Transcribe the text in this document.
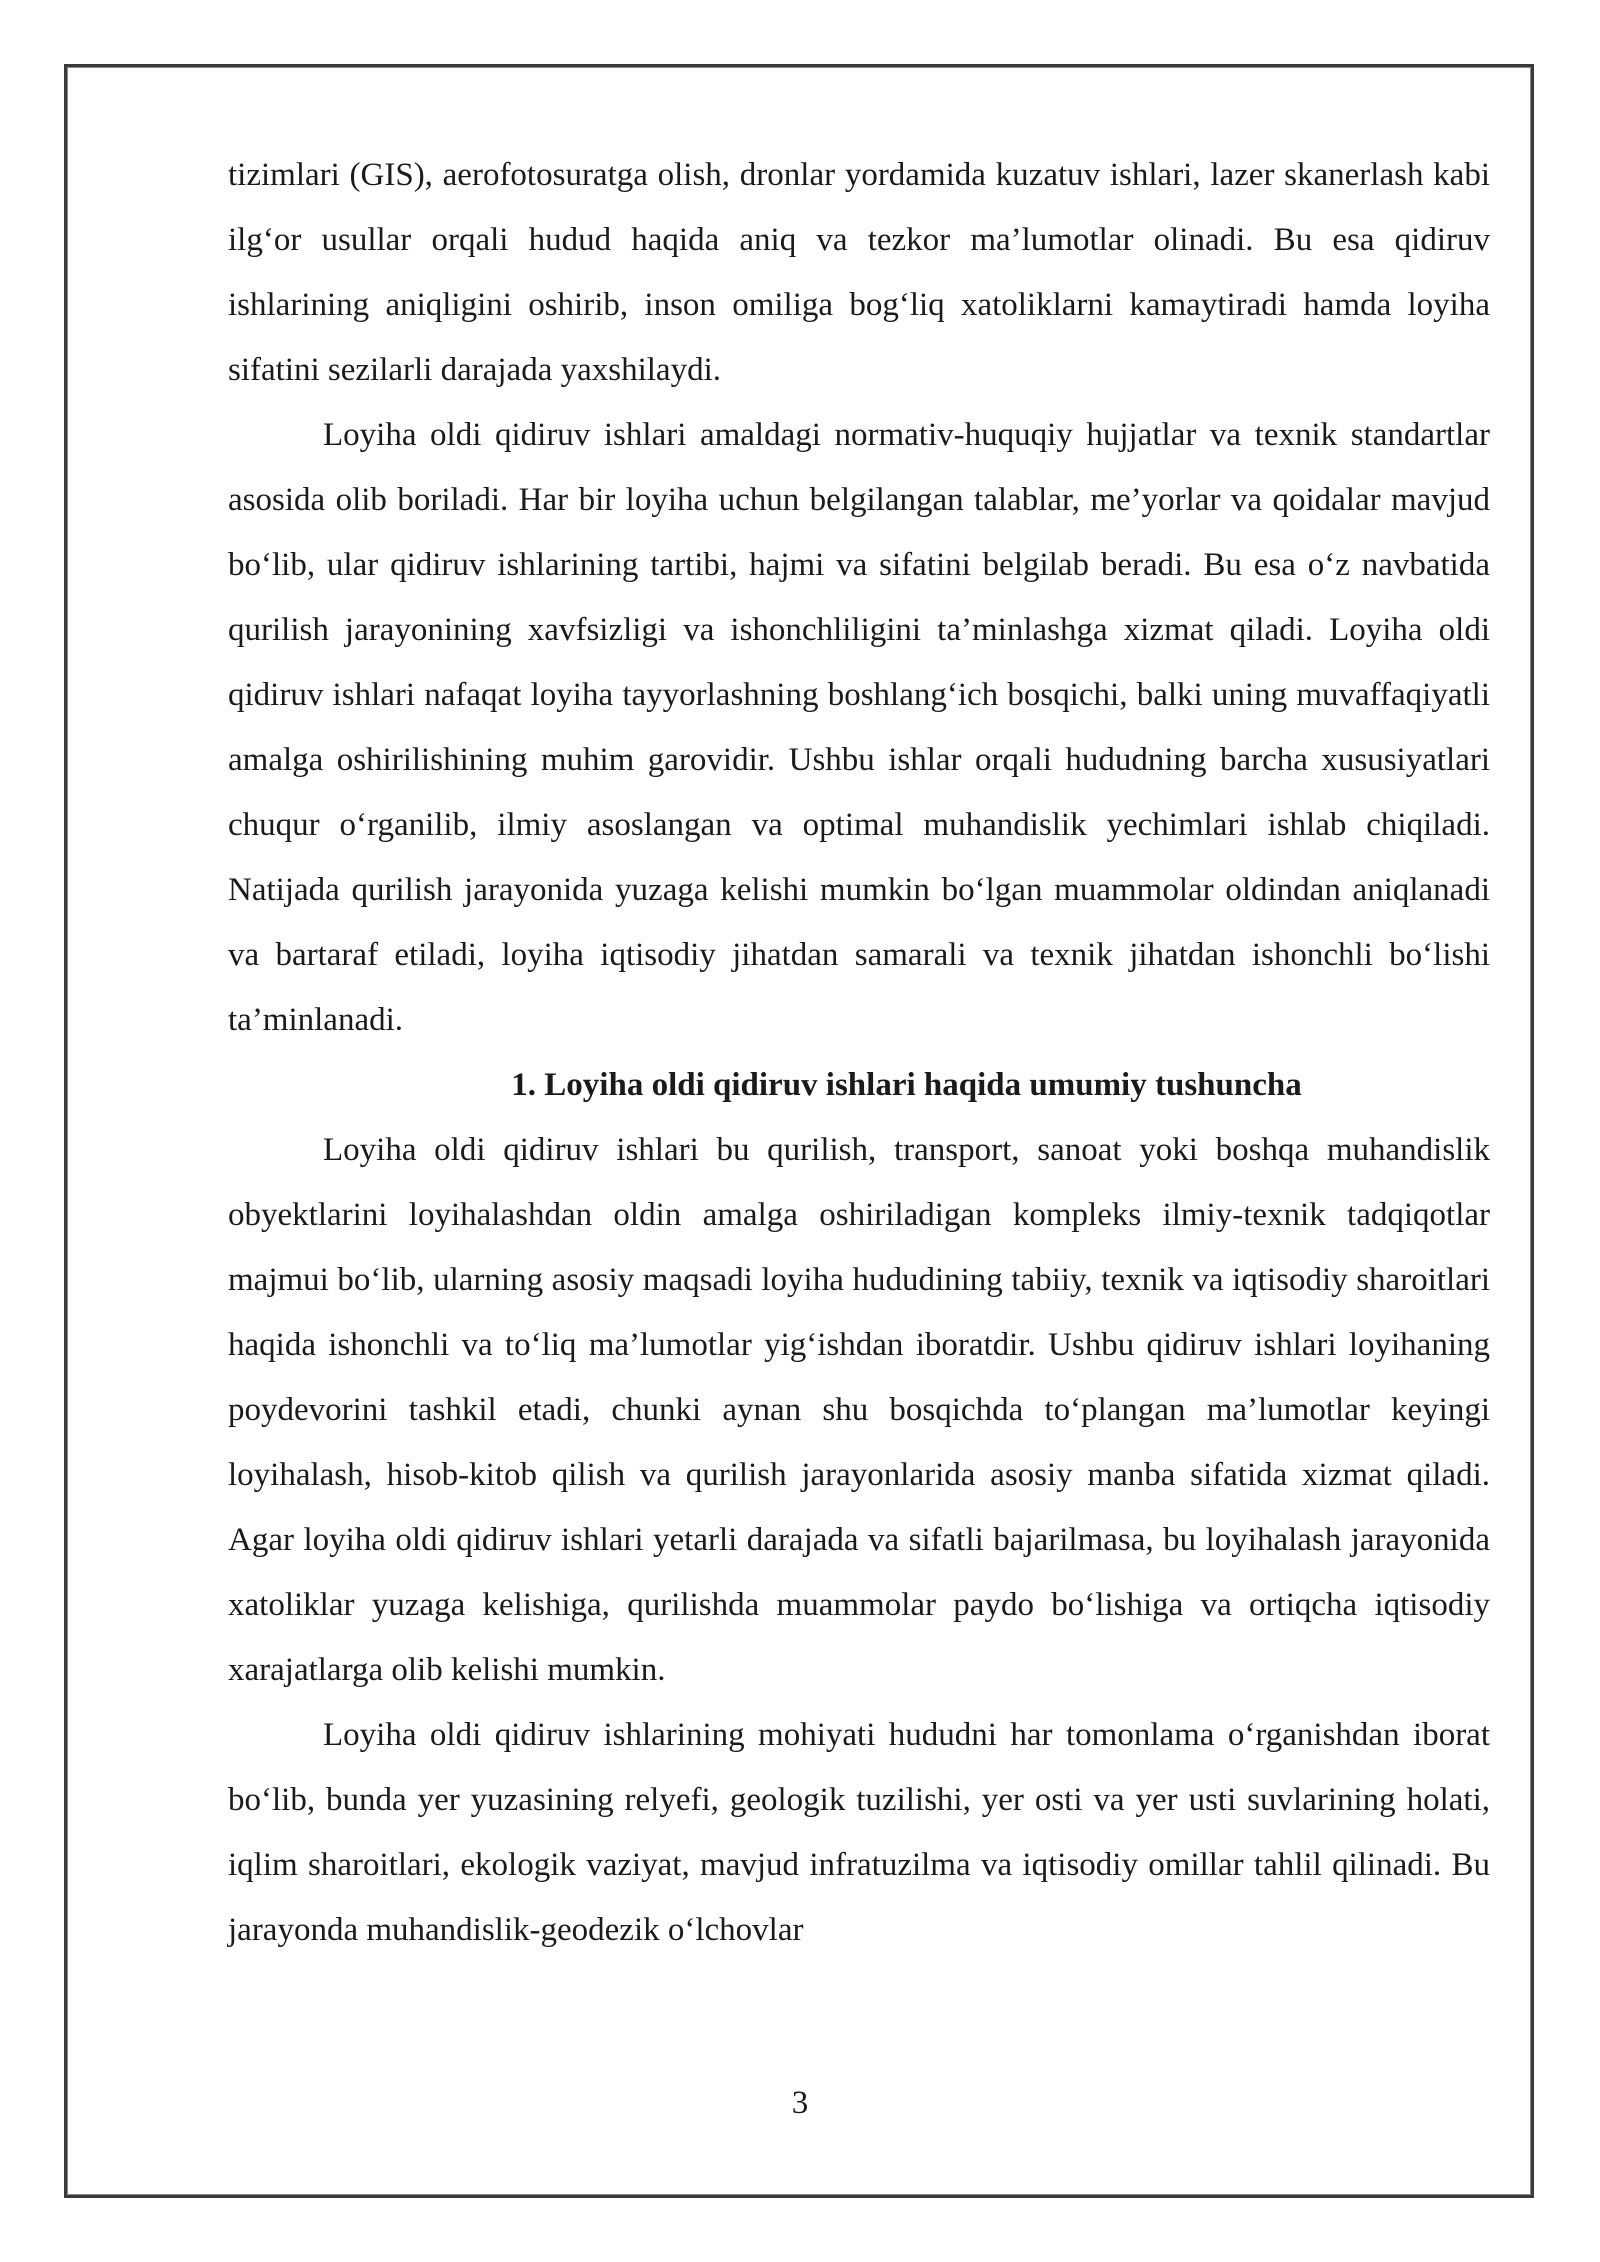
tizimlari (GIS), aerofotosuratga olish, dronlar yordamida kuzatuv ishlari, lazer skanerlash kabi ilg‘or usullar orqali hudud haqida aniq va tezkor ma’lumotlar olinadi. Bu esa qidiruv ishlarining aniqligini oshirib, inson omiliga bog‘liq xatoliklarni kamaytiradi hamda loyiha sifatini sezilarli darajada yaxshilaydi.

Loyiha oldi qidiruv ishlari amaldagi normativ-huquqiy hujjatlar va texnik standartlar asosida olib boriladi. Har bir loyiha uchun belgilangan talablar, me’yorlar va qoidalar mavjud bo‘lib, ular qidiruv ishlarining tartibi, hajmi va sifatini belgilab beradi. Bu esa o‘z navbatida qurilish jarayonining xavfsizligi va ishonchliligini ta’minlashga xizmat qiladi. Loyiha oldi qidiruv ishlari nafaqat loyiha tayyorlashning boshlang‘ich bosqichi, balki uning muvaffaqiyatli amalga oshirilishining muhim garovidir. Ushbu ishlar orqali hududning barcha xususiyatlari chuqur o‘rganilib, ilmiy asoslangan va optimal muhandislik yechimlari ishlab chiqiladi. Natijada qurilish jarayonida yuzaga kelishi mumkin bo‘lgan muammolar oldindan aniqlanadi va bartaraf etiladi, loyiha iqtisodiy jihatdan samarali va texnik jihatdan ishonchli bo‘lishi ta’minlanadi.

1. Loyiha oldi qidiruv ishlari haqida umumiy tushuncha

Loyiha oldi qidiruv ishlari bu qurilish, transport, sanoat yoki boshqa muhandislik obyektlarini loyihalashdan oldin amalga oshiriladigan kompleks ilmiy-texnik tadqiqotlar majmui bo‘lib, ularning asosiy maqsadi loyiha hududining tabiiy, texnik va iqtisodiy sharoitlari haqida ishonchli va to‘liq ma’lumotlar yig‘ishdan iboratdir. Ushbu qidiruv ishlari loyihaning poydevorini tashkil etadi, chunki aynan shu bosqichda to‘plangan ma’lumotlar keyingi loyihalash, hisob-kitob qilish va qurilish jarayonlarida asosiy manba sifatida xizmat qiladi. Agar loyiha oldi qidiruv ishlari yetarli darajada va sifatli bajarilmasa, bu loyihalash jarayonida xatoliklar yuzaga kelishiga, qurilishda muammolar paydo bo‘lishiga va ortiqcha iqtisodiy xarajatlarga olib kelishi mumkin.

Loyiha oldi qidiruv ishlarining mohiyati hududni har tomonlama o‘rganishdan iborat bo‘lib, bunda yer yuzasining relyefi, geologik tuzilishi, yer osti va yer usti suvlarining holati, iqlim sharoitlari, ekologik vaziyat, mavjud infratuzilma va iqtisodiy omillar tahlil qilinadi. Bu jarayonda muhandislik-geodezik o‘lchovlar

3
